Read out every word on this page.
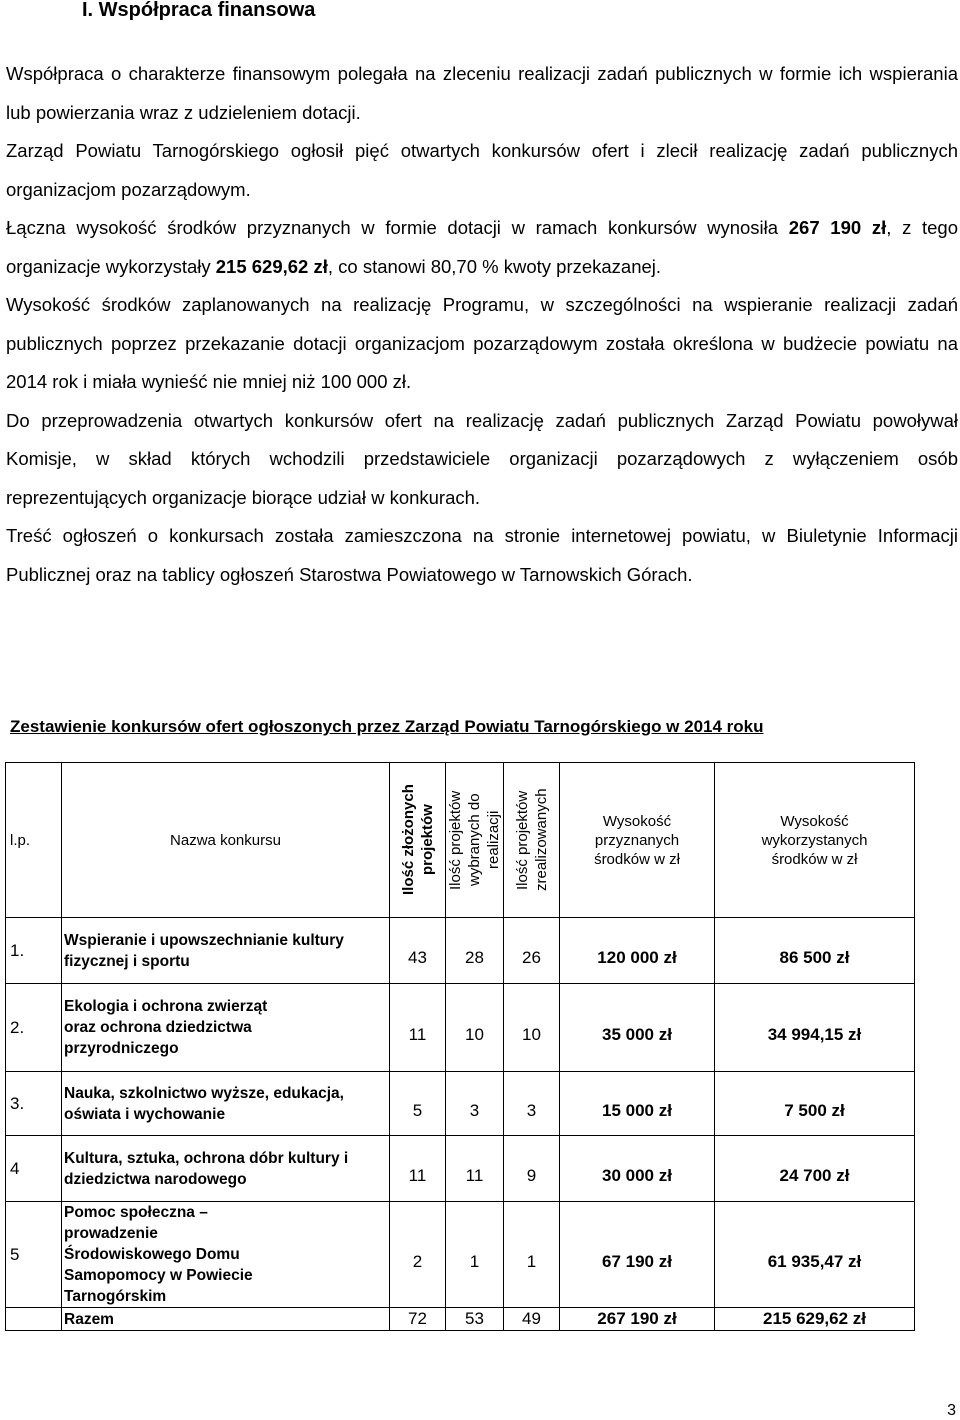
I. Współpraca finansowa

Współpraca o charakterze finansowym polegała na zleceniu realizacji zadań publicznych w formie ich wspierania lub powierzania wraz z udzieleniem dotacji.

Zarząd Powiatu Tarnogórskiego ogłosił pięć otwartych konkursów ofert i zlecił realizację zadań publicznych organizacjom pozarządowym.

Łączna wysokość środków przyznanych w formie dotacji w ramach konkursów wynosiła 267 190 zł, z tego organizacje wykorzystały 215 629,62 zł, co stanowi 80,70 % kwoty przekazanej.

Wysokość środków zaplanowanych na realizację Programu, w szczególności na wspieranie realizacji zadań publicznych poprzez przekazanie dotacji organizacjom pozarządowym została określona w budżecie powiatu na 2014 rok i miała wynieść nie mniej niż 100 000 zł.

Do przeprowadzenia otwartych konkursów ofert na realizację zadań publicznych Zarząd Powiatu powoływał Komisje, w skład których wchodzili przedstawiciele organizacji pozarządowych z wyłączeniem osób reprezentujących organizacje biorące udział w konkurach.

Treść ogłoszeń o konkursach została zamieszczona na stronie internetowej powiatu, w Biuletynie Informacji Publicznej oraz na tablicy ogłoszeń Starostwa Powiatowego w Tarnowskich Górach.

Zestawienie konkursów ofert ogłoszonych przez Zarząd Powiatu Tarnogórskiego w 2014 roku
l.p.	Nazwa konkursu	Ilość złożonych projektów	Ilość projektów wybranych do realizacji	Ilość projektów zrealizowanych	Wysokość przyznanych środków w zł	Wysokość wykorzystanych środków w zł
1.	Wspieranie i upowszechnianie kultury fizycznej i sportu	43	28	26	120 000 zł	86 500 zł
2.	Ekologia i ochrona zwierząt oraz ochrona dziedzictwa przyrodniczego	11	10	10	35 000 zł	34 994,15 zł
3.	Nauka, szkolnictwo wyższe, edukacja, oświata i wychowanie	5	3	3	15 000 zł	7 500 zł
4	Kultura, sztuka, ochrona dóbr kultury i dziedzictwa narodowego	11	11	9	30 000 zł	24 700 zł
5	Pomoc społeczna – prowadzenie Środowiskowego Domu Samopomocy w Powiecie Tarnogórskim	2	1	1	67 190 zł	61 935,47 zł
	Razem	72	53	49	267 190 zł	215 629,62 zł
3
